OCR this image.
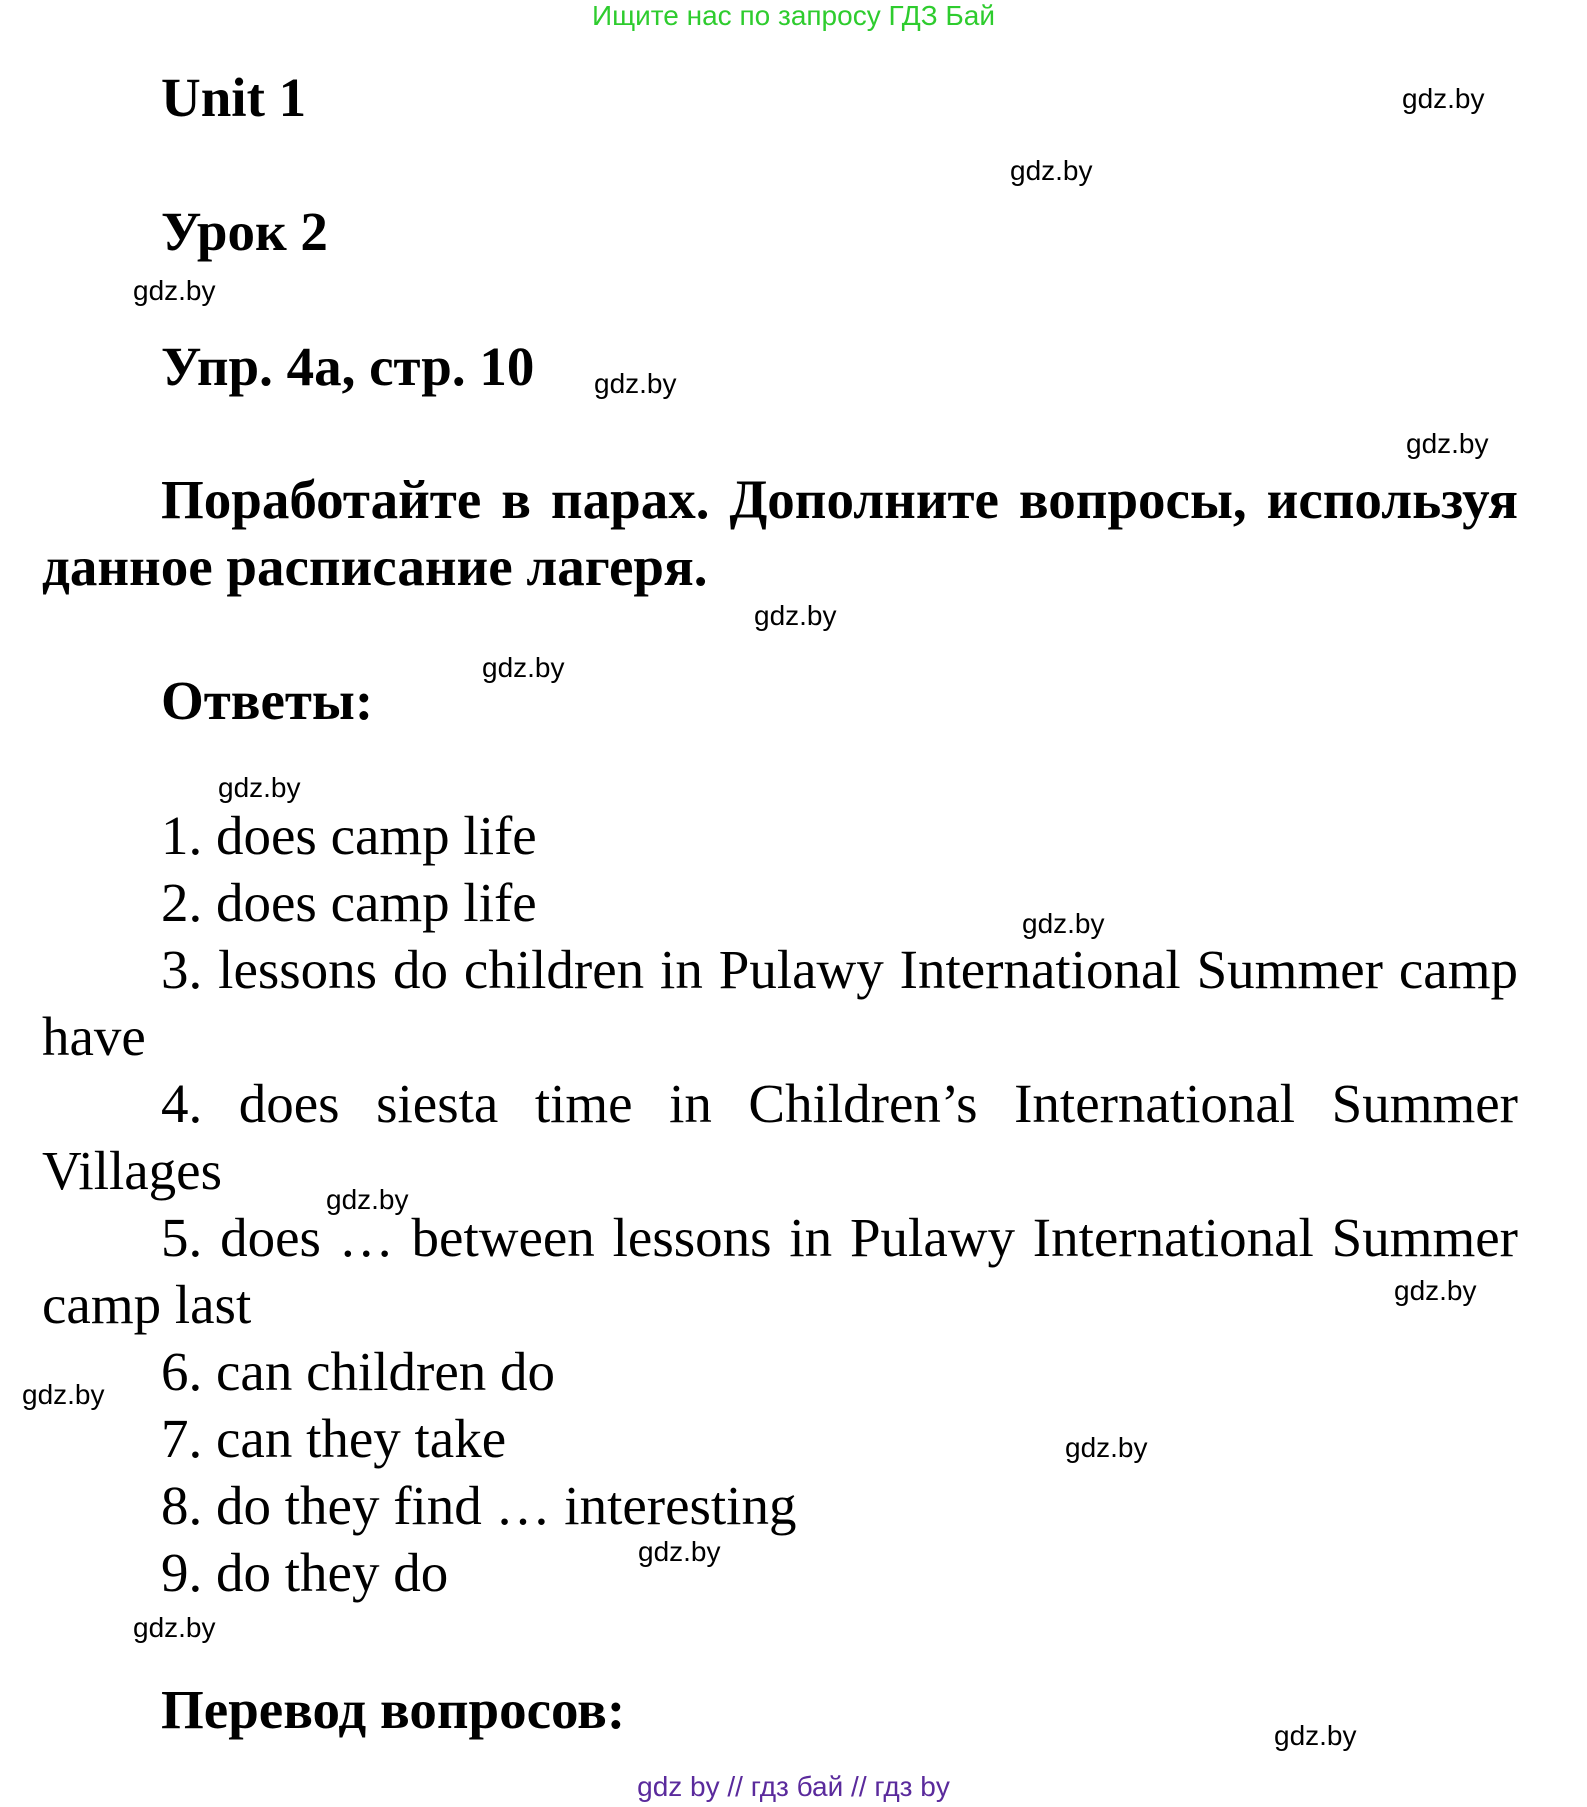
Ищите нас по запросу ГДЗ Бай
Unit 1
Урок 2
Упр. 4а, стр. 10
Поработайте в парах. Дополните вопросы, используя данное расписание лагеря.
Ответы:
1. does camp life
2. does camp life
3. lessons do children in Pulawy International Summer camp have
4. does siesta time in Children’s International Summer Villages
5. does … between lessons in Pulawy International Summer camp last
6. can children do
7. can they take
8. do they find … interesting
9. do they do
Перевод вопросов:
gdz.by
gdz.by
gdz.by
gdz.by
gdz.by
gdz.by
gdz.by
gdz.by
gdz.by
gdz.by
gdz.by
gdz.by
gdz.by
gdz.by
gdz.by
gdz.by
gdz by // гдз бай // гдз by
